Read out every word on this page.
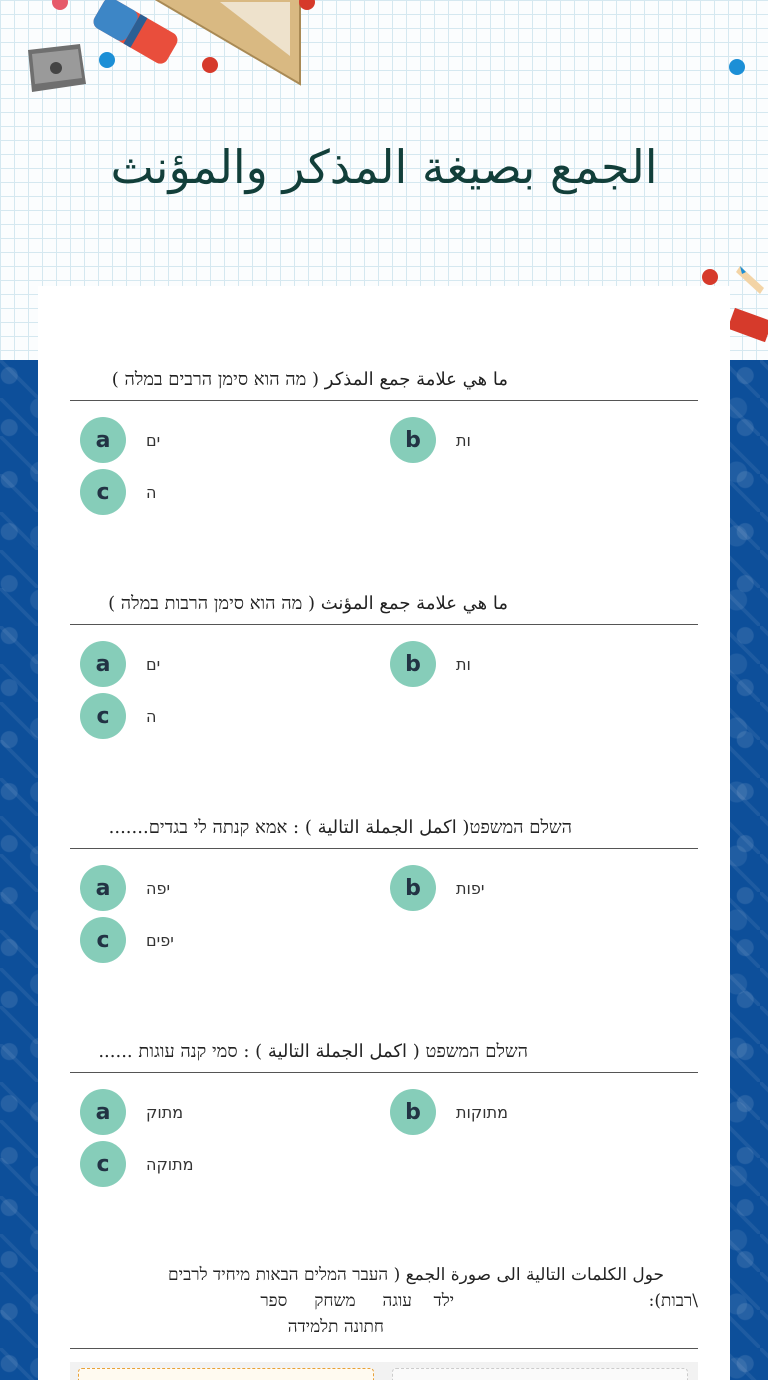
الجمع بصيغة المذكر والمؤنث
ما هي علامة جمع المذكر ( מה הוא סימן הרבים במלה )
a	ים	b	ות
c	ה
ما هي علامة جمع المؤنث ( מה הוא סימן הרבות במלה )
a	ים	b	ות
c	ה
השלם המשפט( اكمل الجملة التالية ) : אמא קנתה לי בגדים.......
a	יפה	b	יפות
c	יפים
השלם המשפט ( اكمل الجملة التالية ) : סמי קנה עוגות ......
a	מתוק	b	מתוקות
c	מתוקה
حول الكلمات التالية الى صورة الجمع ( העבר המלים הבאות מיחיד לרבים
\רבות):                                    ילד    עוגה     משחק     ספר
חתונה תלמידה
